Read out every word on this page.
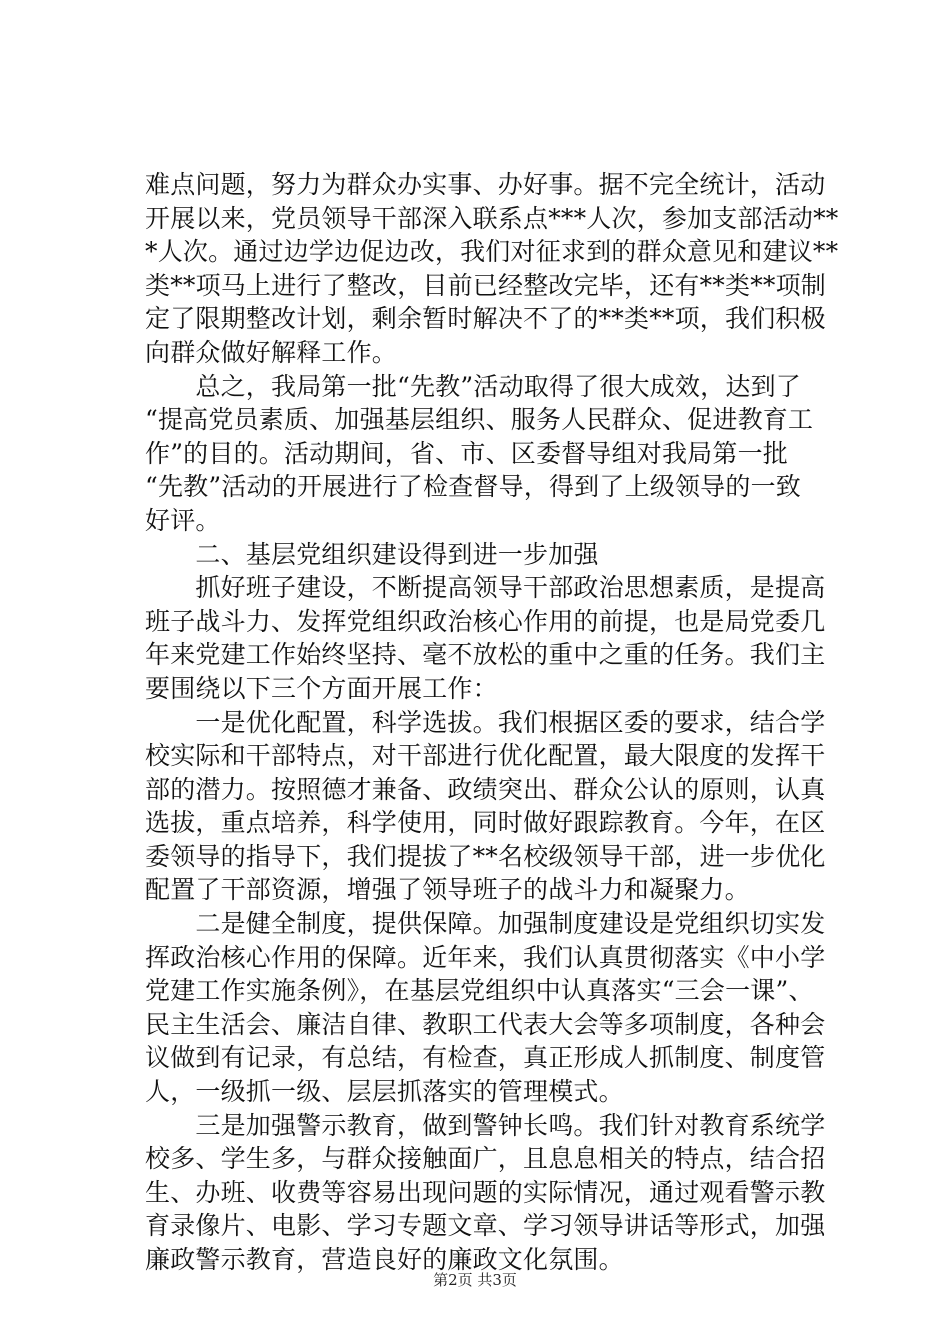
难点问题，努力为群众办实事、办好事。据不完全统计，活动
开展以来，党员领导干部深入联系点***人次，参加支部活动**
*人次。通过边学边促边改，我们对征求到的群众意见和建议**
类**项马上进行了整改，目前已经整改完毕，还有**类**项制
定了限期整改计划，剩余暂时解决不了的**类**项，我们积极
向群众做好解释工作。
　　总之，我局第一批“先教”活动取得了很大成效，达到了
“提高党员素质、加强基层组织、服务人民群众、促进教育工
作”的目的。活动期间，省、市、区委督导组对我局第一批
“先教”活动的开展进行了检查督导，得到了上级领导的一致
好评。
　　二、基层党组织建设得到进一步加强
　　抓好班子建设，不断提高领导干部政治思想素质，是提高
班子战斗力、发挥党组织政治核心作用的前提，也是局党委几
年来党建工作始终坚持、毫不放松的重中之重的任务。我们主
要围绕以下三个方面开展工作：
　　一是优化配置，科学选拔。我们根据区委的要求，结合学
校实际和干部特点，对干部进行优化配置，最大限度的发挥干
部的潜力。按照德才兼备、政绩突出、群众公认的原则，认真
选拔，重点培养，科学使用，同时做好跟踪教育。今年，在区
委领导的指导下，我们提拔了**名校级领导干部，进一步优化
配置了干部资源，增强了领导班子的战斗力和凝聚力。
　　二是健全制度，提供保障。加强制度建设是党组织切实发
挥政治核心作用的保障。近年来，我们认真贯彻落实《中小学
党建工作实施条例》，在基层党组织中认真落实“三会一课”、
民主生活会、廉洁自律、教职工代表大会等多项制度，各种会
议做到有记录，有总结，有检查，真正形成人抓制度、制度管
人，一级抓一级、层层抓落实的管理模式。
　　三是加强警示教育，做到警钟长鸣。我们针对教育系统学
校多、学生多，与群众接触面广，且息息相关的特点，结合招
生、办班、收费等容易出现问题的实际情况，通过观看警示教
育录像片、电影、学习专题文章、学习领导讲话等形式，加强
廉政警示教育，营造良好的廉政文化氛围。
第2页 共3页
